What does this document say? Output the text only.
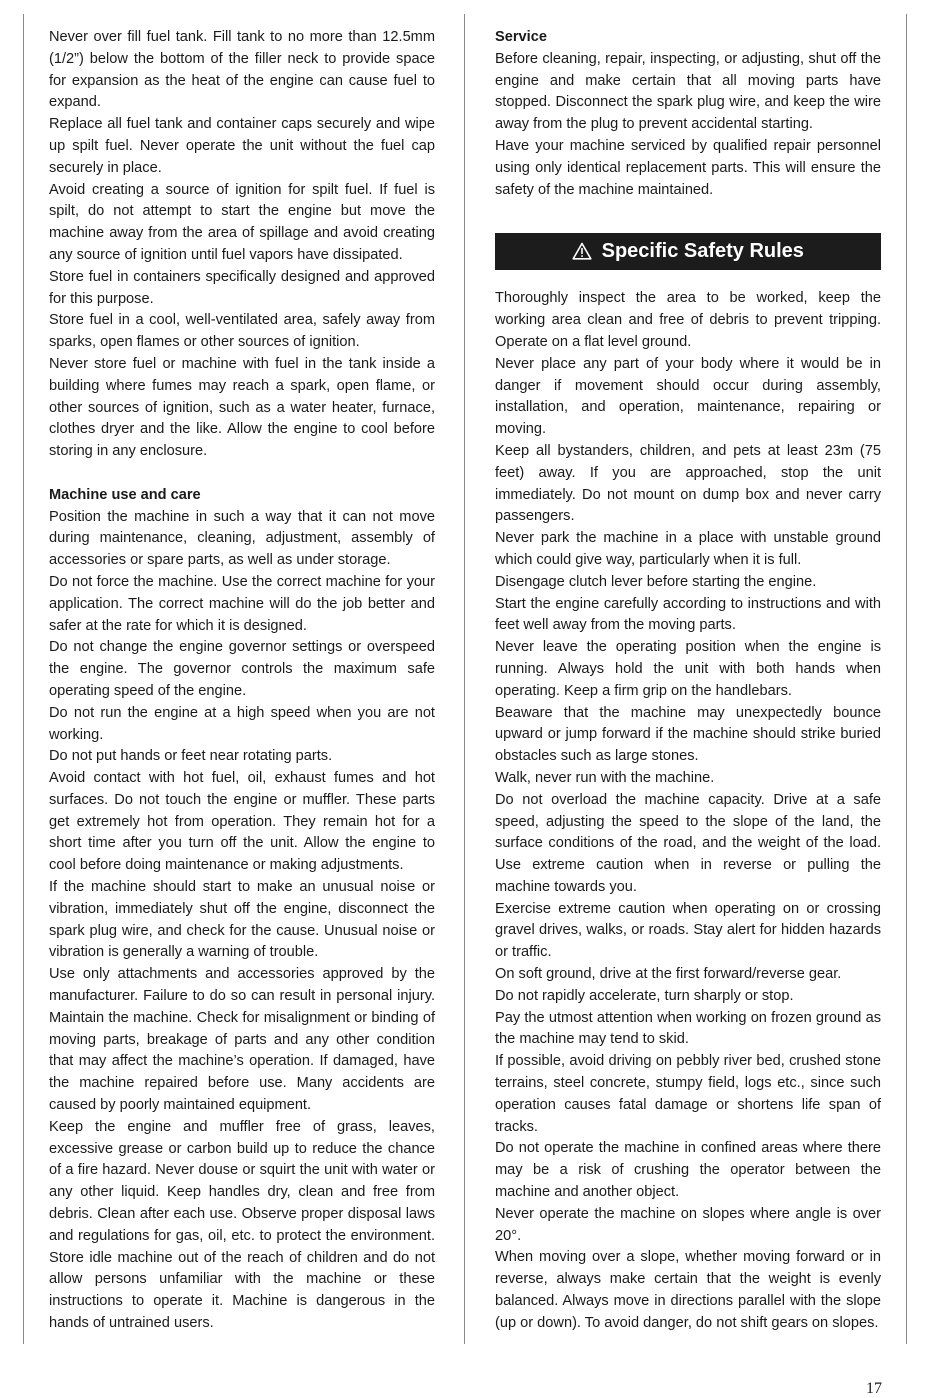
Never over fill fuel tank. Fill tank to no more than 12.5mm (1/2”) below the bottom of the filler neck to provide space for expansion as the heat of the engine can cause fuel to expand.

Replace all fuel tank and container caps securely and wipe up spilt fuel. Never operate the unit without the fuel cap securely in place.

Avoid creating a source of ignition for spilt fuel. If fuel is spilt, do not attempt to start the engine but move the machine away from the area of spillage and avoid creating any source of ignition until fuel vapors have dissipated.

Store fuel in containers specifically designed and approved for this purpose.

Store fuel in a cool, well-ventilated area, safely away from sparks, open flames or other sources of ignition.

Never store fuel or machine with fuel in the tank inside a building where fumes may reach a spark, open flame, or other sources of ignition, such as a water heater, furnace, clothes dryer and the like. Allow the engine to cool before storing in any enclosure.

Machine use and care

Position the machine in such a way that it can not move during maintenance, cleaning, adjustment, assembly of accessories or spare parts, as well as under storage.

Do not force the machine. Use the correct machine for your application. The correct machine will do the job better and safer at the rate for which it is designed.

Do not change the engine governor settings or overspeed the engine. The governor controls the maximum safe operating speed of the engine.

Do not run the engine at a high speed when you are not working.

Do not put hands or feet near rotating parts.

Avoid contact with hot fuel, oil, exhaust fumes and hot surfaces. Do not touch the engine or muffler. These parts get extremely hot from operation. They remain hot for a short time after you turn off the unit. Allow the engine to cool before doing maintenance or making adjustments.

If the machine should start to make an unusual noise or vibration, immediately shut off the engine, disconnect the spark plug wire, and check for the cause. Unusual noise or vibration is generally a warning of trouble.

Use only attachments and accessories approved by the manufacturer. Failure to do so can result in personal injury. Maintain the machine. Check for misalignment or binding of moving parts, breakage of parts and any other condition that may affect the machine’s operation. If damaged, have the machine repaired before use. Many accidents are caused by poorly maintained equipment.

Keep the engine and muffler free of grass, leaves, excessive grease or carbon build up to reduce the chance of a fire hazard. Never douse or squirt the unit with water or any other liquid. Keep handles dry, clean and free from debris. Clean after each use. Observe proper disposal laws and regulations for gas, oil, etc. to protect the environment. Store idle machine out of the reach of children and do not allow persons unfamiliar with the machine or these instructions to operate it. Machine is dangerous in the hands of untrained users.

Service

Before cleaning, repair, inspecting, or adjusting, shut off the engine and make certain that all moving parts have stopped. Disconnect the spark plug wire, and keep the wire away from the plug to prevent accidental starting.

Have your machine serviced by qualified repair personnel using only identical replacement parts. This will ensure the safety of the machine maintained.

Specific Safety Rules

Thoroughly inspect the area to be worked, keep the working area clean and free of debris to prevent tripping. Operate on a flat level ground.

Never place any part of your body where it would be in danger if movement should occur during assembly, installation, and operation, maintenance, repairing or moving.

Keep all bystanders, children, and pets at least 23m (75 feet) away. If you are approached, stop the unit immediately. Do not mount on dump box and never carry passengers.

Never park the machine in a place with unstable ground which could give way, particularly when it is full.

Disengage clutch lever before starting the engine.

Start the engine carefully according to instructions and with feet well away from the moving parts.

Never leave the operating position when the engine is running. Always hold the unit with both hands when operating. Keep a firm grip on the handlebars.

Beaware that the machine may unexpectedly bounce upward or jump forward if the machine should strike buried obstacles such as large stones.

Walk, never run with the machine.

Do not overload the machine capacity. Drive at a safe speed, adjusting the speed to the slope of the land, the surface conditions of the road, and the weight of the load. Use extreme caution when in reverse or pulling the machine towards you.

Exercise extreme caution when operating on or crossing gravel drives, walks, or roads. Stay alert for hidden hazards or traffic.

On soft ground, drive at the first forward/reverse gear.

Do not rapidly accelerate, turn sharply or stop.

Pay the utmost attention when working on frozen ground as the machine may tend to skid.

If possible, avoid driving on pebbly river bed, crushed stone terrains, steel concrete, stumpy field, logs etc., since such operation causes fatal damage or shortens life span of tracks.

Do not operate the machine in confined areas where there may be a risk of crushing the operator between the machine and another object.

Never operate the machine on slopes where angle is over 20°.

When moving over a slope, whether moving forward or in reverse, always make certain that the weight is evenly balanced. Always move in directions parallel with the slope (up or down). To avoid danger, do not shift gears on slopes.

17
